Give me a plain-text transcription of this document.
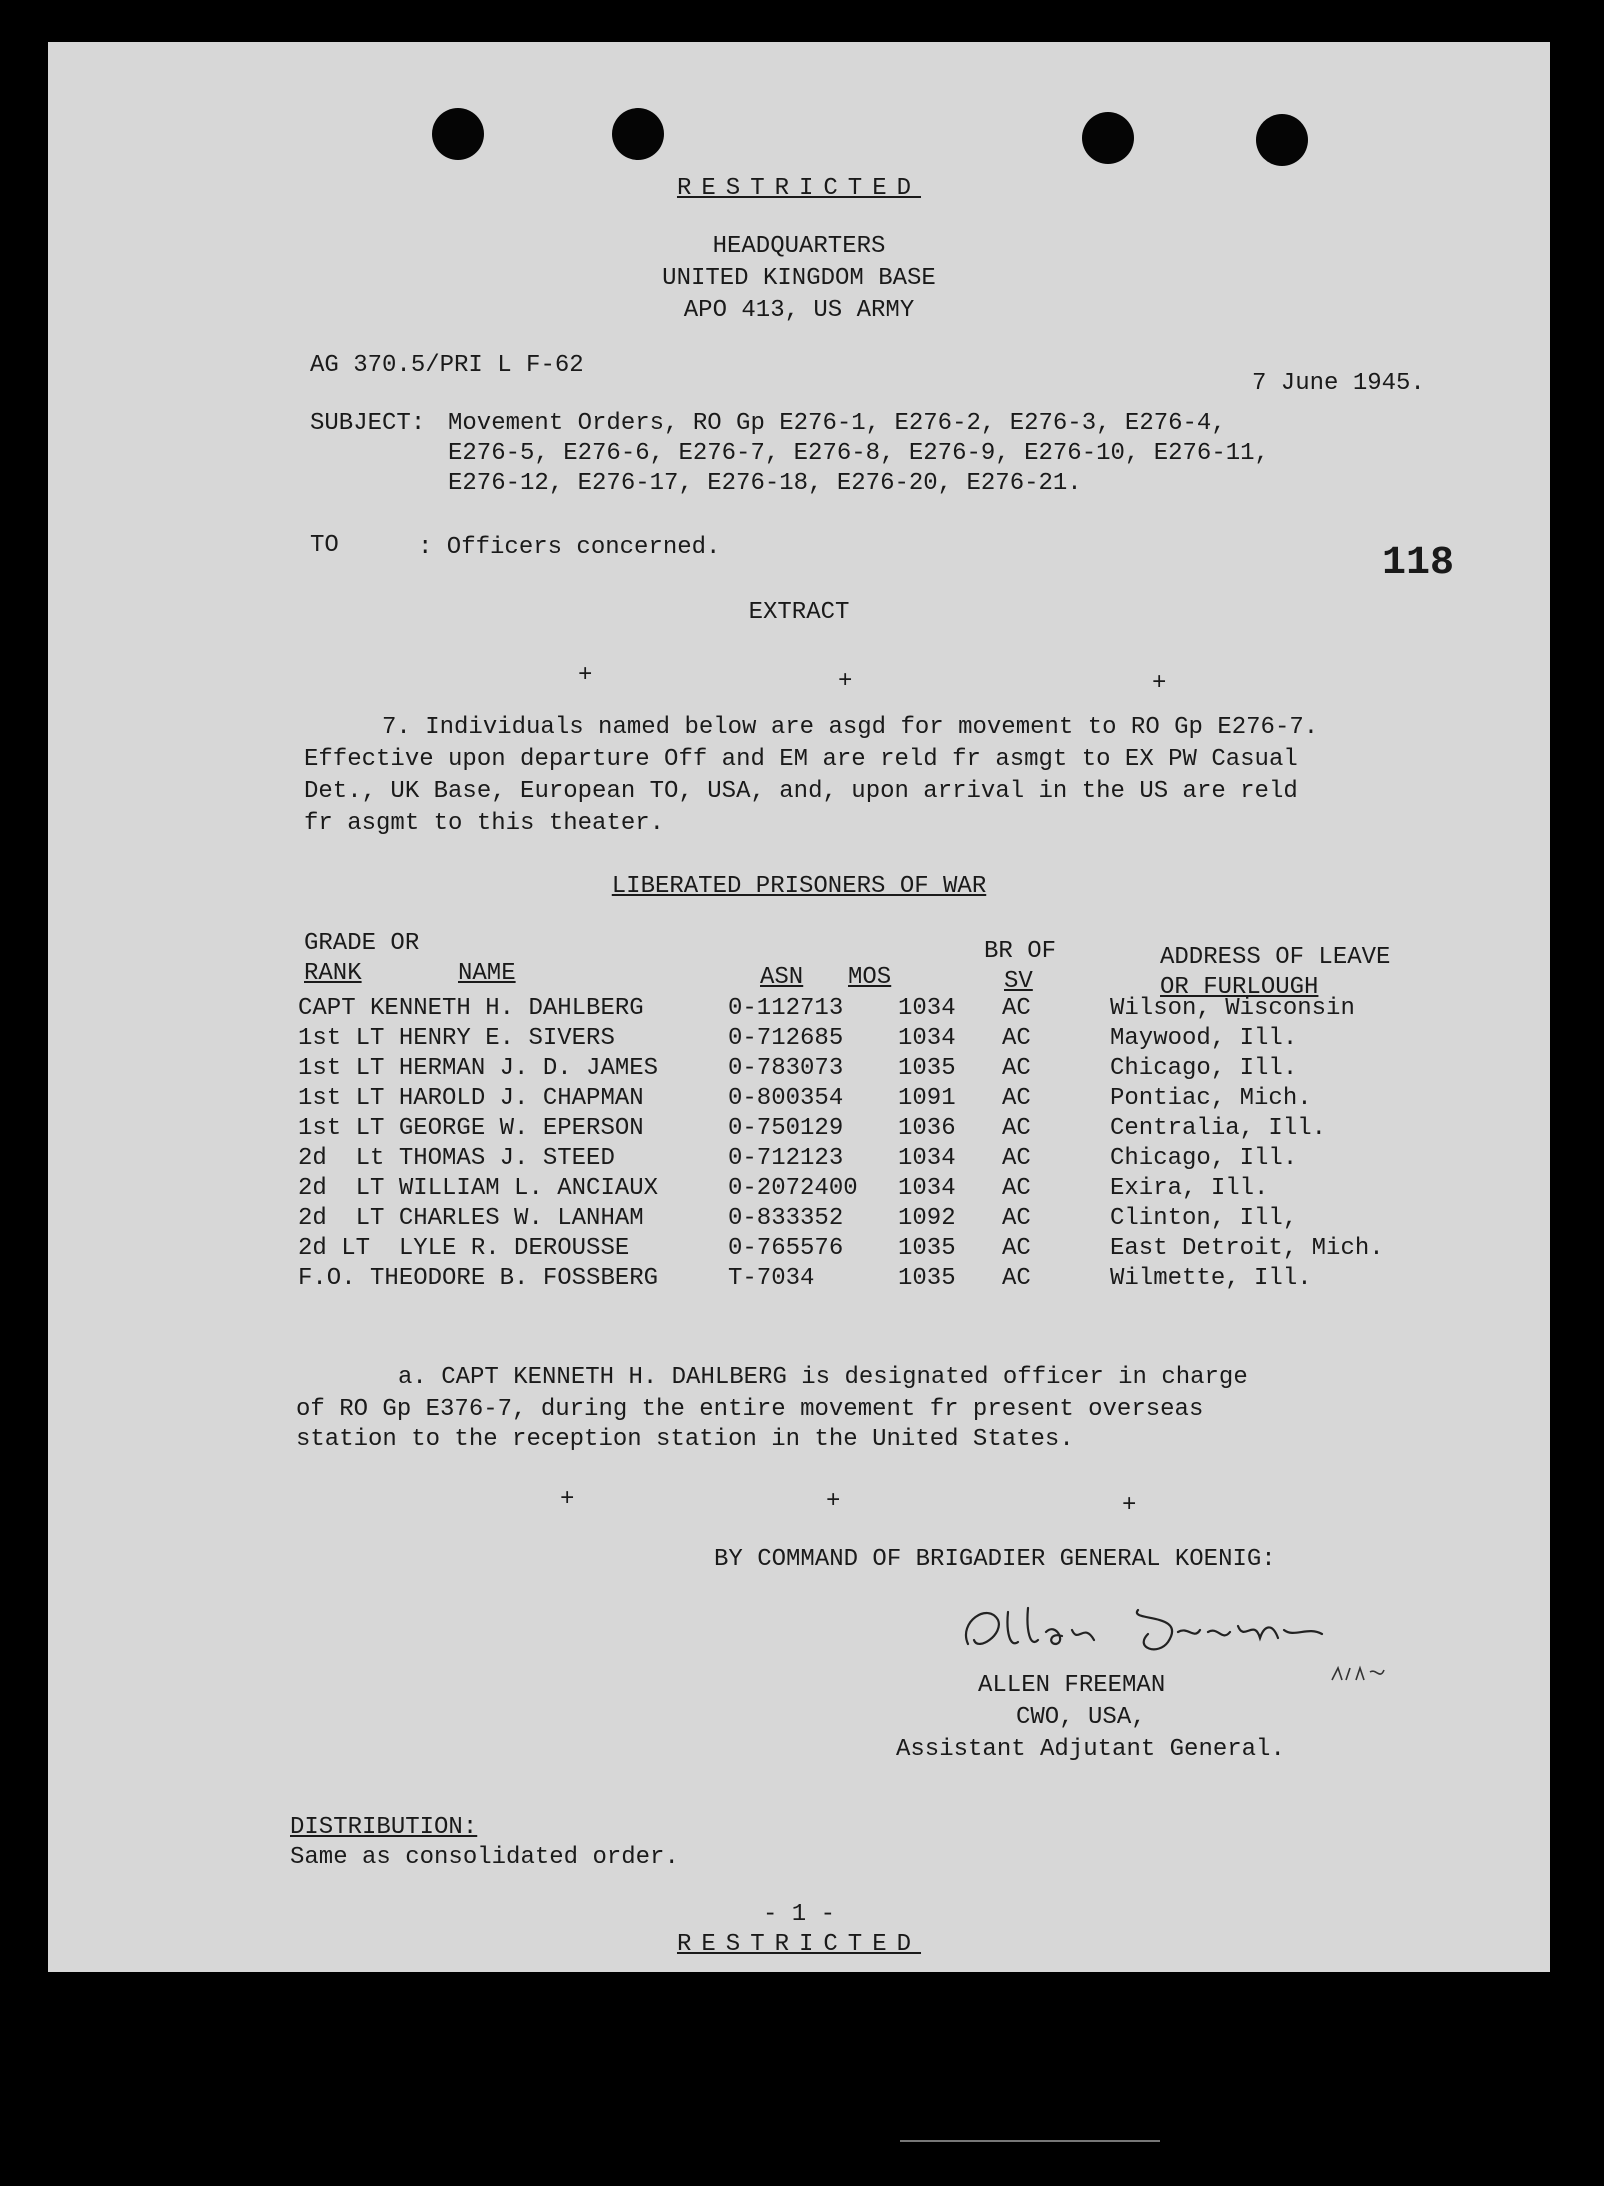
RESTRICTED
HEADQUARTERS
UNITED KINGDOM BASE
APO 413, US ARMY
AG 370.5/PRI L F-62
7 June 1945.
SUBJECT: Movement Orders, RO Gp E276-1, E276-2, E276-3, E276-4,
E276-5, E276-6, E276-7, E276-8, E276-9, E276-10, E276-11,
E276-12, E276-17, E276-18, E276-20, E276-21.
TO	: Officers concerned.	118
EXTRACT
+	+	+
7. Individuals named below are asgd for movement to RO Gp E276-7.
Effective upon departure Off and EM are reld fr asmgt to EX PW Casual
Det., UK Base, European TO, USA, and, upon arrival in the US are reld
fr asgmt to this theater.
LIBERATED PRISONERS OF WAR
GRADE OR
RANK	NAME	ASN MOS
BR OF
SV
ADDRESS OF LEAVE
OR FURLOUGH
CAPT KENNETH H. DAHLBERG	0-112713 1034 AC	Wilson, Wisconsin
1st LT HENRY E. SIVERS	0-712685 1034 AC	Maywood, Ill.
1st LT HERMAN J. D. JAMES	0-783073 1035 AC	Chicago, Ill.
1st LT HAROLD J. CHAPMAN	0-800354 1091 AC	Pontiac, Mich.
1st LT GEORGE W. EPERSON	0-750129 1036 AC	Centralia, Ill.
2d  Lt THOMAS J. STEED	0-712123 1034 AC	Chicago, Ill.
2d  LT WILLIAM L. ANCIAUX	0-2072400 1034 AC	Exira, Ill.
2d  LT CHARLES W. LANHAM	0-833352 1092 AC	Clinton, Ill,
2d LT  LYLE R. DEROUSSE	0-765576 1035 AC	East Detroit, Mich.
F.O. THEODORE B. FOSSBERG	T-7034	1035 AC	Wilmette, Ill.
a. CAPT KENNETH H. DAHLBERG is designated officer in charge
of RO Gp E376-7, during the entire movement fr present overseas
station to the reception station in the United States.
+	+	+
BY COMMAND OF BRIGADIER GENERAL KOENIG:
ALLEN FREEMAN
CWO, USA,
Assistant Adjutant General.
DISTRIBUTION:
Same as consolidated order.
- 1 -
RESTRICTED
